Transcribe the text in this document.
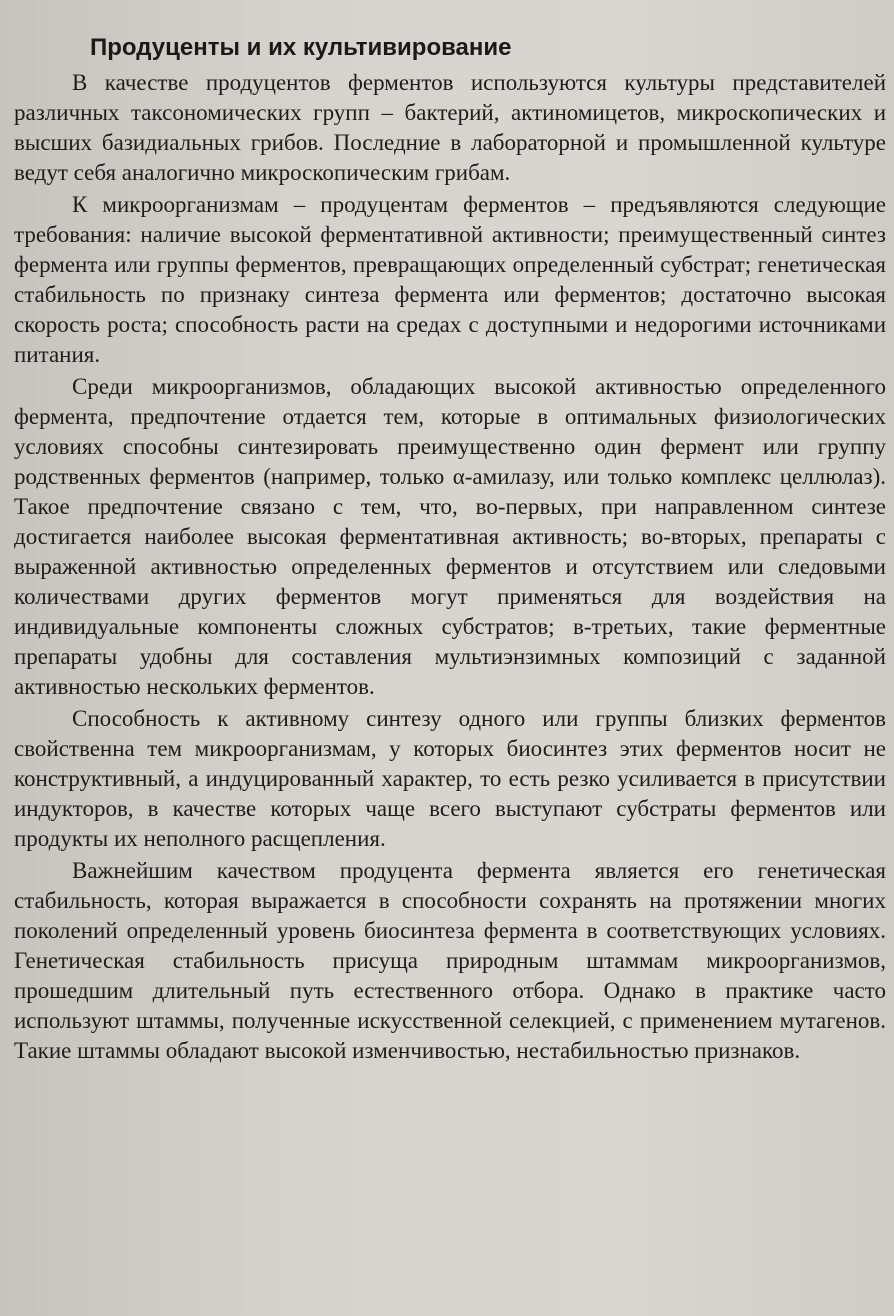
Продуценты и их культивирование

В качестве продуцентов ферментов используются культуры представителей различных таксономических групп – бактерий, актиномицетов, микроскопических и высших базидиальных грибов. Последние в лабораторной и промышленной культуре ведут себя аналогично микроскопическим грибам.

К микроорганизмам – продуцентам ферментов – предъявляются следующие требования: наличие высокой ферментативной активности; преимущественный синтез фермента или группы ферментов, превращающих определенный субстрат; генетическая стабильность по признаку синтеза фермента или ферментов; достаточно высокая скорость роста; способность расти на средах с доступными и недорогими источниками питания.

Среди микроорганизмов, обладающих высокой активностью определенного фермента, предпочтение отдается тем, которые в оптимальных физиологических условиях способны синтезировать преимущественно один фермент или группу родственных ферментов (например, только α-амилазу, или только комплекс целлюлаз). Такое предпочтение связано с тем, что, во-первых, при направленном синтезе достигается наиболее высокая ферментативная активность; во-вторых, препараты с выраженной активностью определенных ферментов и отсутствием или следовыми количествами других ферментов могут применяться для воздействия на индивидуальные компоненты сложных субстратов; в-третьих, такие ферментные препараты удобны для составления мультиэнзимных композиций с заданной активностью нескольких ферментов.

Способность к активному синтезу одного или группы близких ферментов свойственна тем микроорганизмам, у которых биосинтез этих ферментов носит не конструктивный, а индуцированный характер, то есть резко усиливается в присутствии индукторов, в качестве которых чаще всего выступают субстраты ферментов или продукты их неполного расщепления.

Важнейшим качеством продуцента фермента является его генетическая стабильность, которая выражается в способности сохранять на протяжении многих поколений определенный уровень биосинтеза фермента в соответствующих условиях. Генетическая стабильность присуща природным штаммам микроорганизмов, прошедшим длительный путь естественного отбора. Однако в практике часто используют штаммы, полученные искусственной селекцией, с применением мутагенов. Такие штаммы обладают высокой изменчивостью, нестабильностью признаков.
